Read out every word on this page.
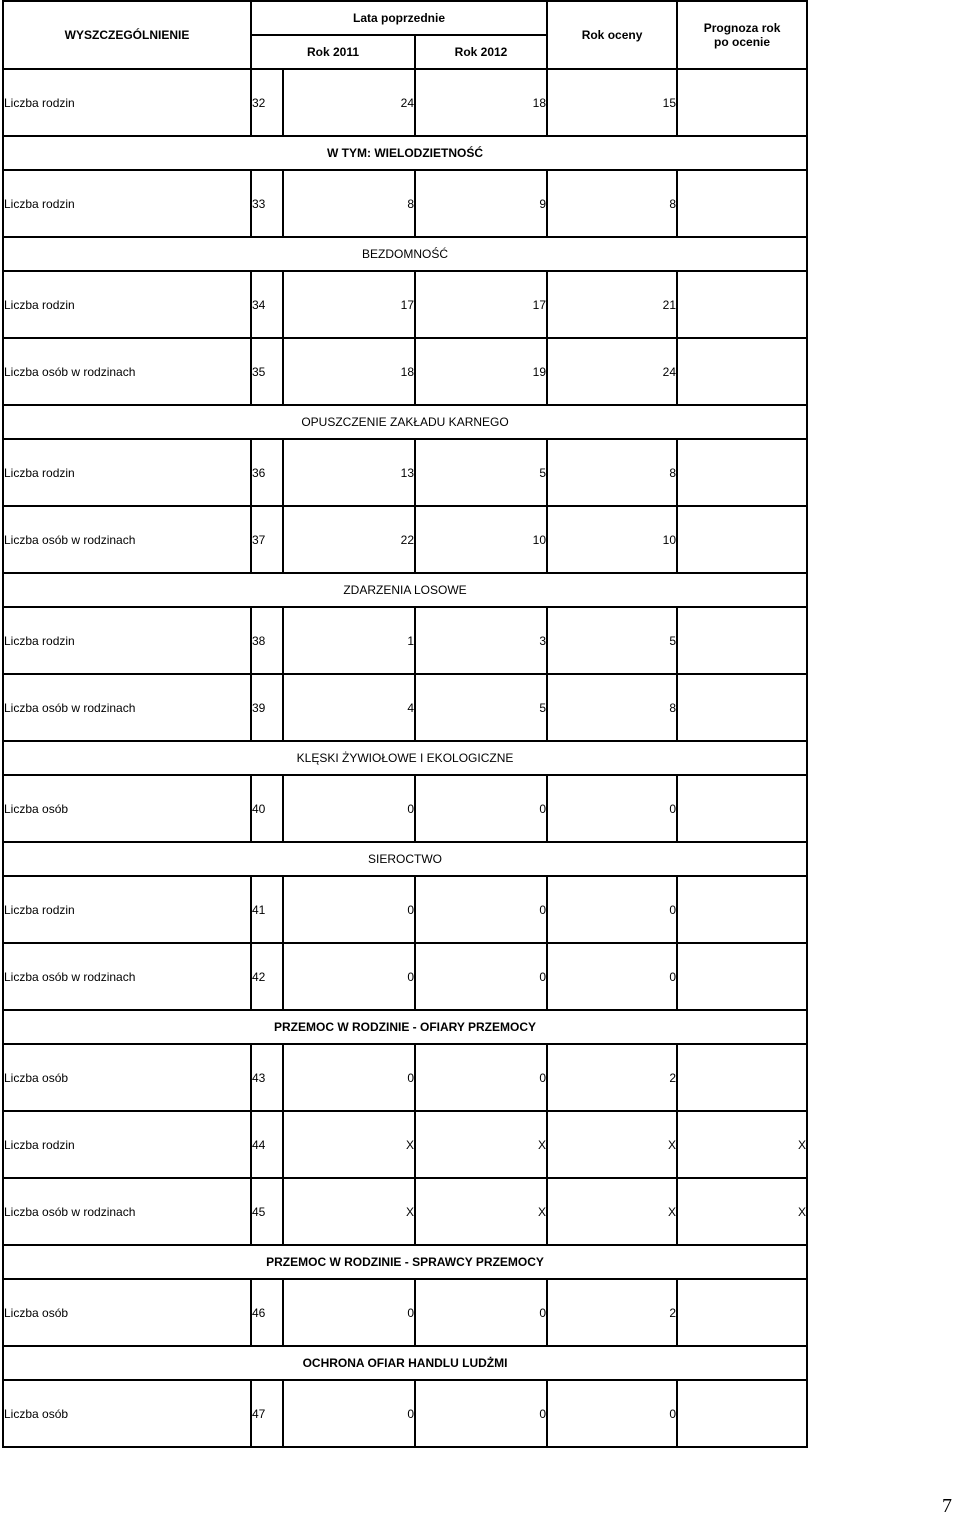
WYSZCZEGÓLNIENIE	Lata poprzednie			Rok oceny	Prognoza rok
po ocenie

	Rok 2011		Rok 2012		
Liczba rodzin	32	24	18	15	
W TYM: WIELODZIETNOŚĆ					
Liczba rodzin	33	8	9	8	
BEZDOMNOŚĆ					
Liczba rodzin	34	17	17	21	
Liczba osób w rodzinach	35	18	19	24	
OPUSZCZENIE ZAKŁADU KARNEGO					
Liczba rodzin	36	13	5	8	
Liczba osób w rodzinach	37	22	10	10	
ZDARZENIA LOSOWE					
Liczba rodzin	38	1	3	5	
Liczba osób w rodzinach	39	4	5	8	
KLĘSKI ŻYWIOŁOWE I EKOLOGICZNE					
Liczba osób	40	0	0	0	
SIEROCTWO					
Liczba rodzin	41	0	0	0	
Liczba osób w rodzinach	42	0	0	0	
PRZEMOC W RODZINIE - OFIARY PRZEMOCY					
Liczba osób	43	0	0	2	
Liczba rodzin	44	X	X	X	X
Liczba osób w rodzinach	45	X	X	X	X
PRZEMOC W RODZINIE - SPRAWCY PRZEMOCY					
Liczba osób	46	0	0	2	
OCHRONA OFIAR HANDLU LUDŻMI					
Liczba osób	47	0	0	0	
7
